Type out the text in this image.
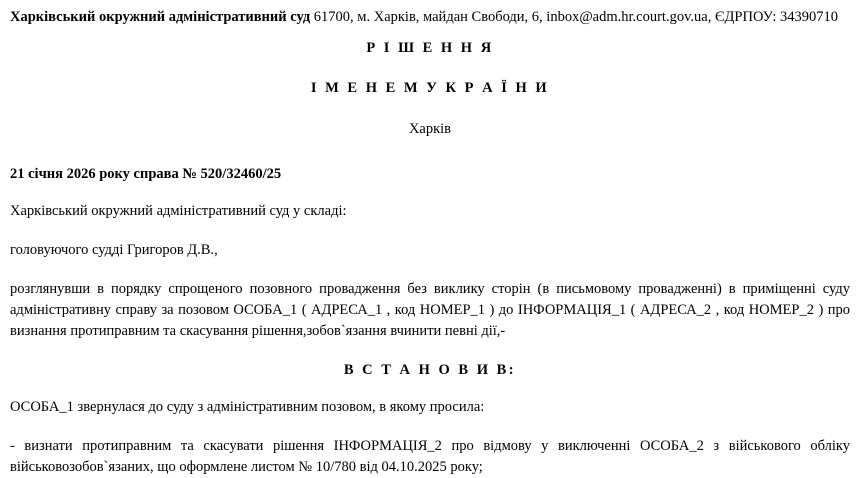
Харківський окружний адміністративний суд 61700, м. Харків, майдан Свободи, 6, inbox@adm.hr.court.gov.ua, ЄДРПОУ: 34390710
Р І Ш Е Н Н Я
І М Е Н Е М У К Р А Ї Н И
Харків
21 січня 2026 року справа № 520/32460/25
Харківський окружний адміністративний суд у складі:
головуючого судді Григоров Д.В.,
розглянувши в порядку спрощеного позовного провадження без виклику сторін (в письмовому провадженні) в приміщенні суду адміністративну справу за позовом ОСОБА_1 ( АДРЕСА_1 , код НОМЕР_1 ) до ІНФОРМАЦІЯ_1 ( АДРЕСА_2 , код НОМЕР_2 ) про визнання протиправним та скасування рішення,зобов`язання вчинити певні дії,-
В С Т А Н О В И В:
ОСОБА_1 звернулася до суду з адміністративним позовом, в якому просила:
- визнати протиправним та скасувати рішення ІНФОРМАЦІЯ_2 про відмову у виключенні ОСОБА_2 з військового обліку військовозобов`язаних, що оформлене листом № 10/780 від 04.10.2025 року;
